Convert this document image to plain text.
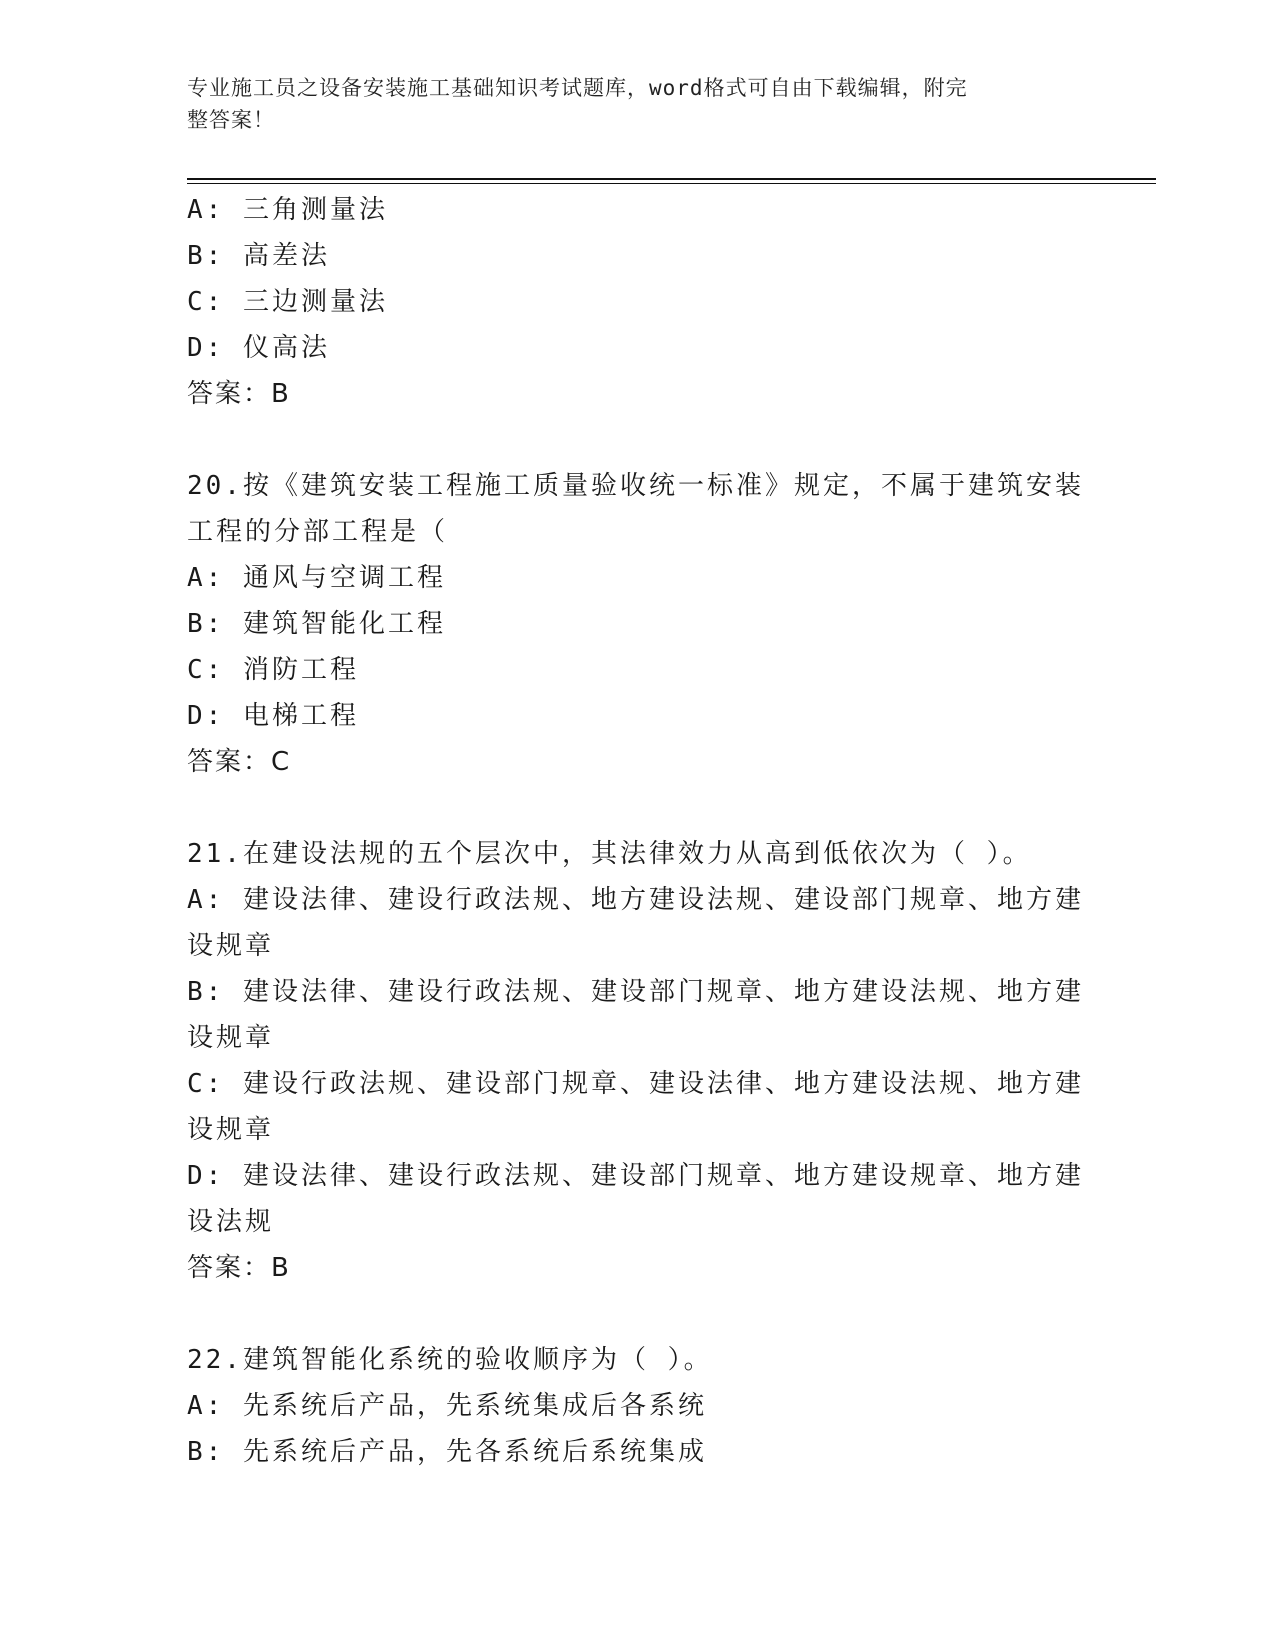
专业施工员之设备安装施工基础知识考试题库，word格式可自由下载编辑，附完
整答案！
A: 三角测量法
B: 高差法
C: 三边测量法
D: 仪高法
答案：B
20.按《建筑安装工程施工质量验收统一标准》规定，不属于建筑安装
工程的分部工程是（
A: 通风与空调工程
B: 建筑智能化工程
C: 消防工程
D: 电梯工程
答案：C
21.在建设法规的五个层次中，其法律效力从高到低依次为（ ）。
A: 建设法律、建设行政法规、地方建设法规、建设部门规章、地方建
设规章
B: 建设法律、建设行政法规、建设部门规章、地方建设法规、地方建
设规章
C: 建设行政法规、建设部门规章、建设法律、地方建设法规、地方建
设规章
D: 建设法律、建设行政法规、建设部门规章、地方建设规章、地方建
设法规
答案：B
22.建筑智能化系统的验收顺序为（ ）。
A: 先系统后产品，先系统集成后各系统
B: 先系统后产品，先各系统后系统集成
